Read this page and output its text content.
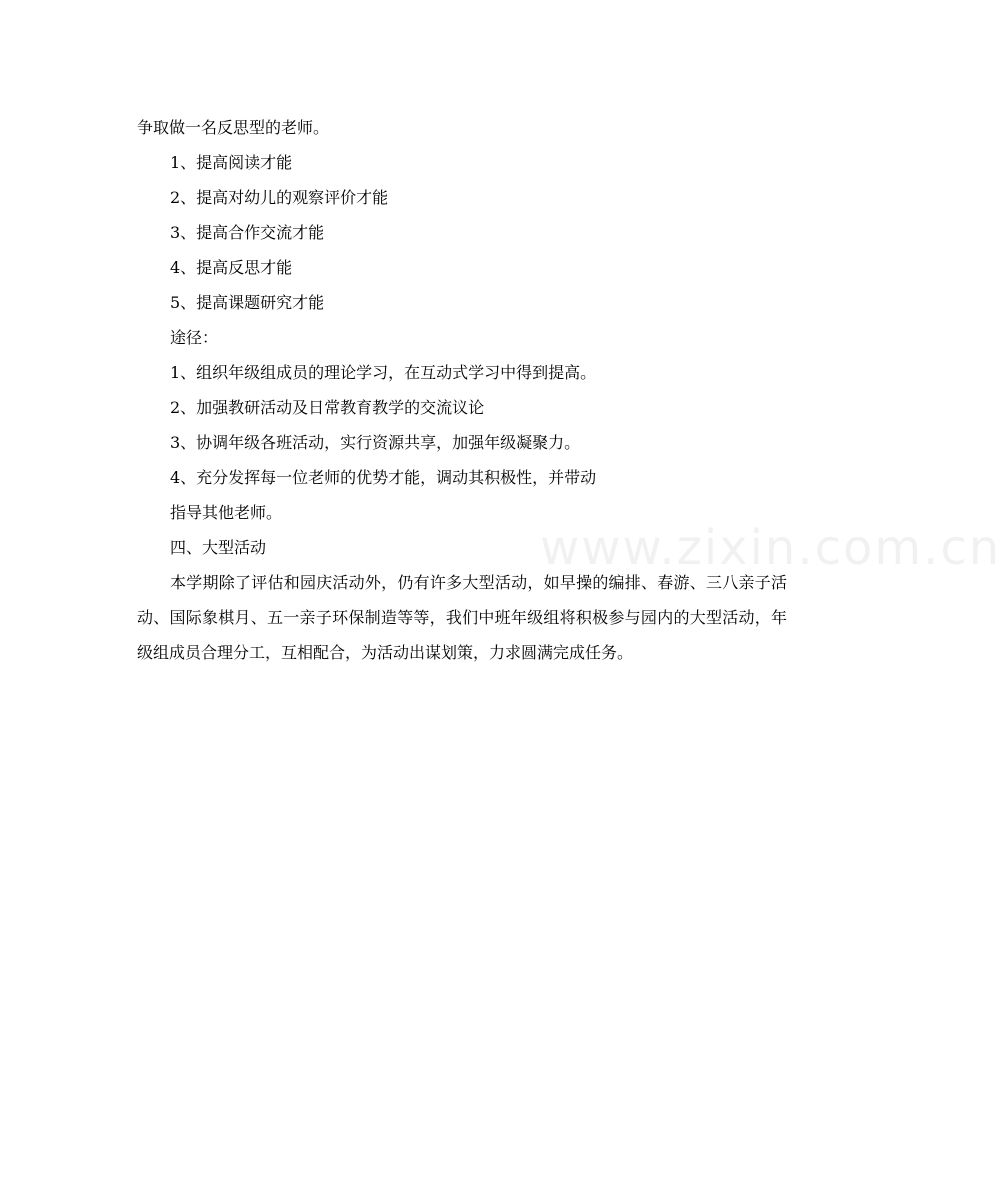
www.zixin.com.cn

争取做一名反思型的老师。

1、提高阅读才能

2、提高对幼儿的观察评价才能

3、提高合作交流才能

4、提高反思才能

5、提高课题研究才能

途径：

1、组织年级组成员的理论学习，在互动式学习中得到提高。

2、加强教研活动及日常教育教学的交流议论

3、协调年级各班活动，实行资源共享，加强年级凝聚力。

4、充分发挥每一位老师的优势才能，调动其积极性，并带动

指导其他老师。

四、大型活动

本学期除了评估和园庆活动外，仍有许多大型活动，如早操的编排、春游、三八亲子活动、国际象棋月、五一亲子环保制造等等，我们中班年级组将积极参与园内的大型活动，年级组成员合理分工，互相配合，为活动出谋划策，力求圆满完成任务。
